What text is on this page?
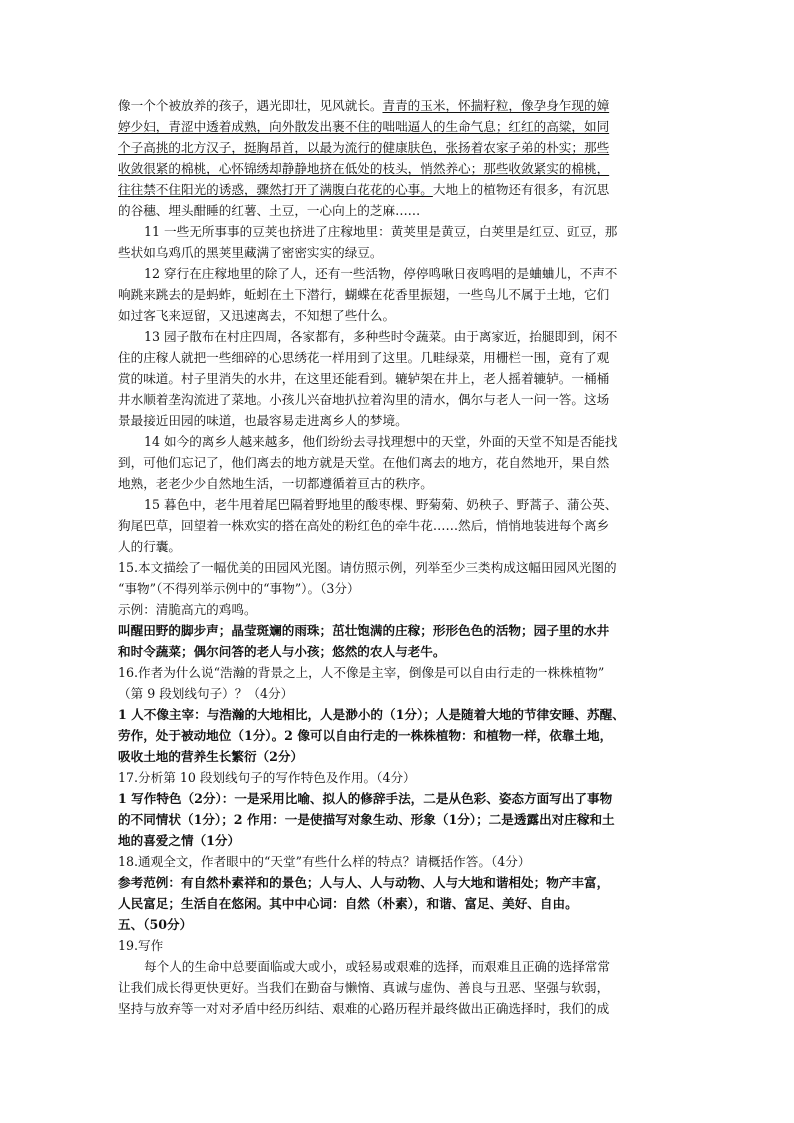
像一个个被放养的孩子，遇光即壮，见风就长。青青的玉米，怀揣籽粒，像孕身乍现的嫜
婷少妇，青涩中透着成熟，向外散发出裹不住的咄咄逼人的生命气息；红红的高粱，如同
个子高挑的北方汉子，挺胸昂首，以最为流行的健康肤色，张扬着农家子弟的朴实；那些
收敛很紧的棉桃，心怀锦绣却静静地挤在低处的枝头，悄然养心；那些收敛紧实的棉桃，
往往禁不住阳光的诱惑，骤然打开了满腹白花花的心事。大地上的植物还有很多，有沉思
的谷穗、埋头酣睡的红薯、土豆，一心向上的芝麻……
11 一些无所事事的豆荚也挤进了庄稼地里：黄荚里是黄豆，白荚里是红豆、豇豆，那
些状如乌鸡爪的黑荚里藏满了密密实实的绿豆。
12 穿行在庄稼地里的除了人，还有一些活物，停停鸣啾日夜鸣唱的是蛐蛐儿，不声不
响跳来跳去的是蚂蚱，蚯蚓在土下潜行，蝴蝶在花香里振翅，一些鸟儿不属于土地，它们
如过客飞来逗留，又迅速离去，不知想了些什么。
13 园子散布在村庄四周，各家都有，多种些时令蔬菜。由于离家近，抬腿即到，闲不
住的庄稼人就把一些细碎的心思绣花一样用到了这里。几畦绿菜，用栅栏一围，竟有了观
赏的味道。村子里消失的水井，在这里还能看到。辘轳架在井上，老人摇着辘轳。一桶桶
井水顺着垄沟流进了菜地。小孩儿兴奋地扒拉着沟里的清水，偶尔与老人一问一答。这场
景最接近田园的味道，也最容易走进离乡人的梦境。
14 如今的离乡人越来越多，他们纷纷去寻找理想中的天堂，外面的天堂不知是否能找
到，可他们忘记了，他们离去的地方就是天堂。在他们离去的地方，花自然地开，果自然
地熟，老老少少自然地生活，一切都遵循着亘古的秩序。
15 暮色中，老牛甩着尾巴隔着野地里的酸枣棵、野菊菊、奶秧子、野蒿子、蒲公英、
狗尾巴草，回望着一株欢实的搭在高处的粉红色的牵牛花……然后，悄悄地装进每个离乡
人的行囊。
15.本文描绘了一幅优美的田园风光图。请仿照示例，列举至少三类构成这幅田园风光图的
“事物”（不得列举示例中的“事物”）。（3分）
示例：清脆高亢的鸡鸣。
叫醒田野的脚步声；晶莹斑斓的雨珠；茁壮饱满的庄稼；形形色色的活物；园子里的水井
和时令蔬菜；偶尔问答的老人与小孩；悠然的农人与老牛。
16.作者为什么说“浩瀚的背景之上，人不像是主宰，倒像是可以自由行走的一株株植物”
（第 9 段划线句子）？（4分）
1 人不像主宰：与浩瀚的大地相比，人是渺小的（1分）；人是随着大地的节律安睡、苏醒、
劳作，处于被动地位（1分）。2 像可以自由行走的一株株植物：和植物一样，依靠土地，
吸收土地的营养生长繁衍（2分）
17.分析第 10 段划线句子的写作特色及作用。（4分）
1 写作特色（2分）：一是采用比喻、拟人的修辞手法，二是从色彩、姿态方面写出了事物
的不同情状（1分）；2 作用：一是使描写对象生动、形象（1分）；二是透露出对庄稼和土
地的喜爱之情（1分）
18.通观全文，作者眼中的“天堂”有些什么样的特点？请概括作答。（4分）
参考范例：有自然朴素祥和的景色；人与人、人与动物、人与大地和谐相处；物产丰富，
人民富足；生活自在悠闲。其中中心词：自然（朴素），和谐、富足、美好、自由。
五、（50分）
19.写作
每个人的生命中总要面临或大或小，或轻易或艰难的选择，而艰难且正确的选择常常
让我们成长得更快更好。当我们在勤奋与懒惰、真诚与虚伪、善良与丑恶、坚强与软弱，
坚持与放弃等一对对矛盾中经历纠结、艰难的心路历程并最终做出正确选择时，我们的成
